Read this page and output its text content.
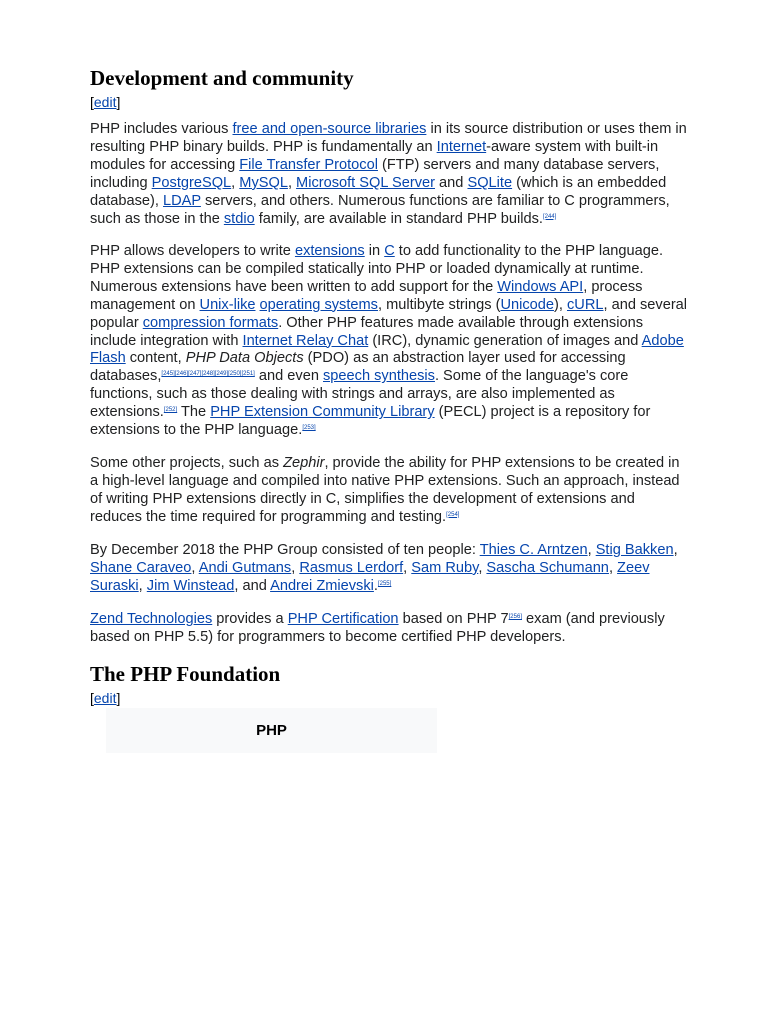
Development and community
[edit]

PHP includes various free and open-source libraries in its source distribution or uses them in resulting PHP binary builds. PHP is fundamentally an Internet-aware system with built-in modules for accessing File Transfer Protocol (FTP) servers and many database servers, including PostgreSQL, MySQL, Microsoft SQL Server and SQLite (which is an embedded database), LDAP servers, and others. Numerous functions are familiar to C programmers, such as those in the stdio family, are available in standard PHP builds.[244]

PHP allows developers to write extensions in C to add functionality to the PHP language. PHP extensions can be compiled statically into PHP or loaded dynamically at runtime. Numerous extensions have been written to add support for the Windows API, process management on Unix-like operating systems, multibyte strings (Unicode), cURL, and several popular compression formats. Other PHP features made available through extensions include integration with Internet Relay Chat (IRC), dynamic generation of images and Adobe Flash content, PHP Data Objects (PDO) as an abstraction layer used for accessing databases,[245][246][247][248][249][250][251] and even speech synthesis. Some of the language's core functions, such as those dealing with strings and arrays, are also implemented as extensions.[252] The PHP Extension Community Library (PECL) project is a repository for extensions to the PHP language.[253]

Some other projects, such as Zephir, provide the ability for PHP extensions to be created in a high-level language and compiled into native PHP extensions. Such an approach, instead of writing PHP extensions directly in C, simplifies the development of extensions and reduces the time required for programming and testing.[254]

By December 2018 the PHP Group consisted of ten people: Thies C. Arntzen, Stig Bakken, Shane Caraveo, Andi Gutmans, Rasmus Lerdorf, Sam Ruby, Sascha Schumann, Zeev Suraski, Jim Winstead, and Andrei Zmievski.[255]

Zend Technologies provides a PHP Certification based on PHP 7[256] exam (and previously based on PHP 5.5) for programmers to become certified PHP developers.

The PHP Foundation
[edit]
PHP
